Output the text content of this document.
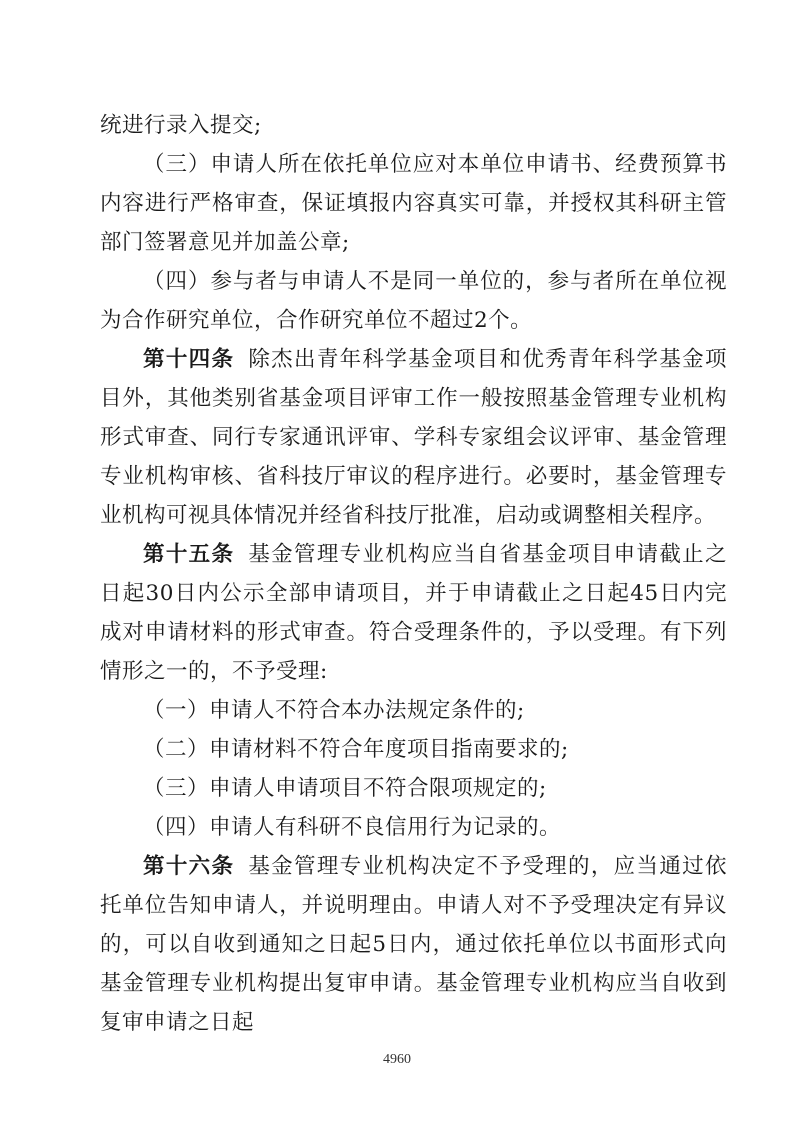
统进行录入提交;

（三）申请人所在依托单位应对本单位申请书、经费预算书内容进行严格审查，保证填报内容真实可靠，并授权其科研主管部门签署意见并加盖公章;

（四）参与者与申请人不是同一单位的，参与者所在单位视为合作研究单位，合作研究单位不超过2个。

第十四条 除杰出青年科学基金项目和优秀青年科学基金项目外，其他类别省基金项目评审工作一般按照基金管理专业机构形式审查、同行专家通讯评审、学科专家组会议评审、基金管理专业机构审核、省科技厅审议的程序进行。必要时，基金管理专业机构可视具体情况并经省科技厅批准，启动或调整相关程序。

第十五条 基金管理专业机构应当自省基金项目申请截止之日起30日内公示全部申请项目，并于申请截止之日起45日内完成对申请材料的形式审查。符合受理条件的，予以受理。有下列情形之一的，不予受理:

（一）申请人不符合本办法规定条件的;

（二）申请材料不符合年度项目指南要求的;

（三）申请人申请项目不符合限项规定的;

（四）申请人有科研不良信用行为记录的。

第十六条 基金管理专业机构决定不予受理的，应当通过依托单位告知申请人，并说明理由。申请人对不予受理决定有异议的，可以自收到通知之日起5日内，通过依托单位以书面形式向基金管理专业机构提出复审申请。基金管理专业机构应当自收到复审申请之日起

4960
